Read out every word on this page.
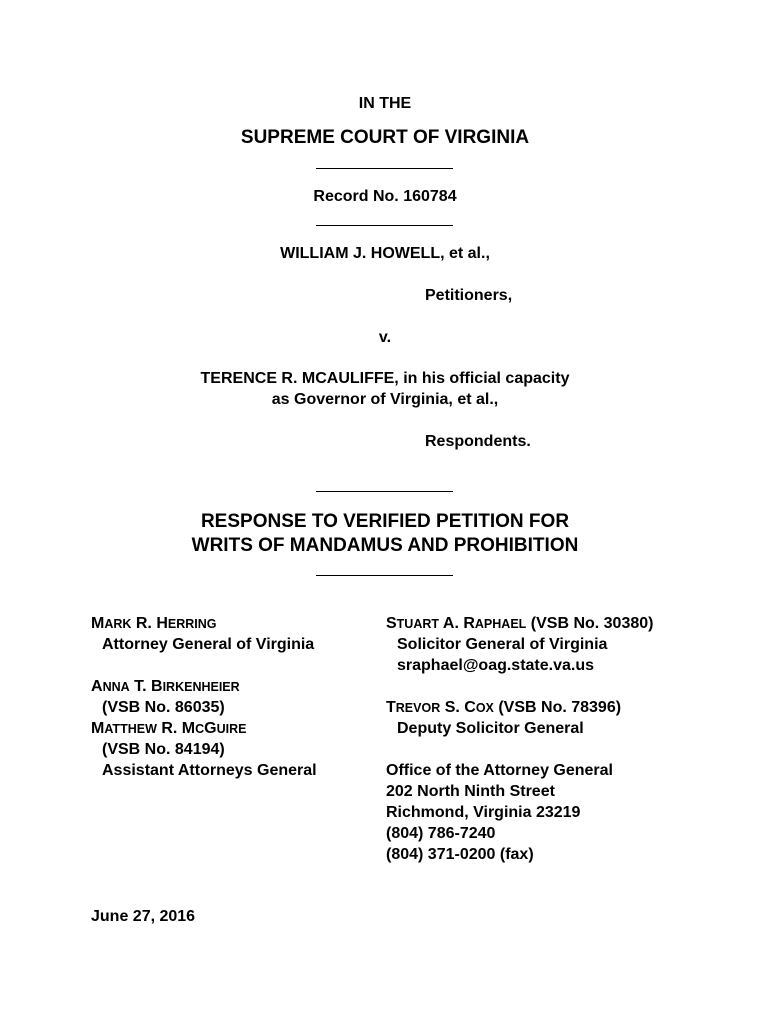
IN THE
SUPREME COURT OF VIRGINIA
Record No. 160784
WILLIAM J. HOWELL, et al.,
Petitioners,
v.
TERENCE R. MCAULIFFE, in his official capacity
as Governor of Virginia, et al.,
Respondents.
RESPONSE TO VERIFIED PETITION FOR
WRITS OF MANDAMUS AND PROHIBITION
MARK R. HERRING
Attorney General of Virginia
ANNA T. BIRKENHEIER
(VSB No. 86035)
MATTHEW R. MCGUIRE
(VSB No. 84194)
Assistant Attorneys General
STUART A. RAPHAEL (VSB No. 30380)
Solicitor General of Virginia
sraphael@oag.state.va.us
TREVOR S. COX (VSB No. 78396)
Deputy Solicitor General
Office of the Attorney General
202 North Ninth Street
Richmond, Virginia 23219
(804) 786-7240
(804) 371-0200 (fax)
June 27, 2016
